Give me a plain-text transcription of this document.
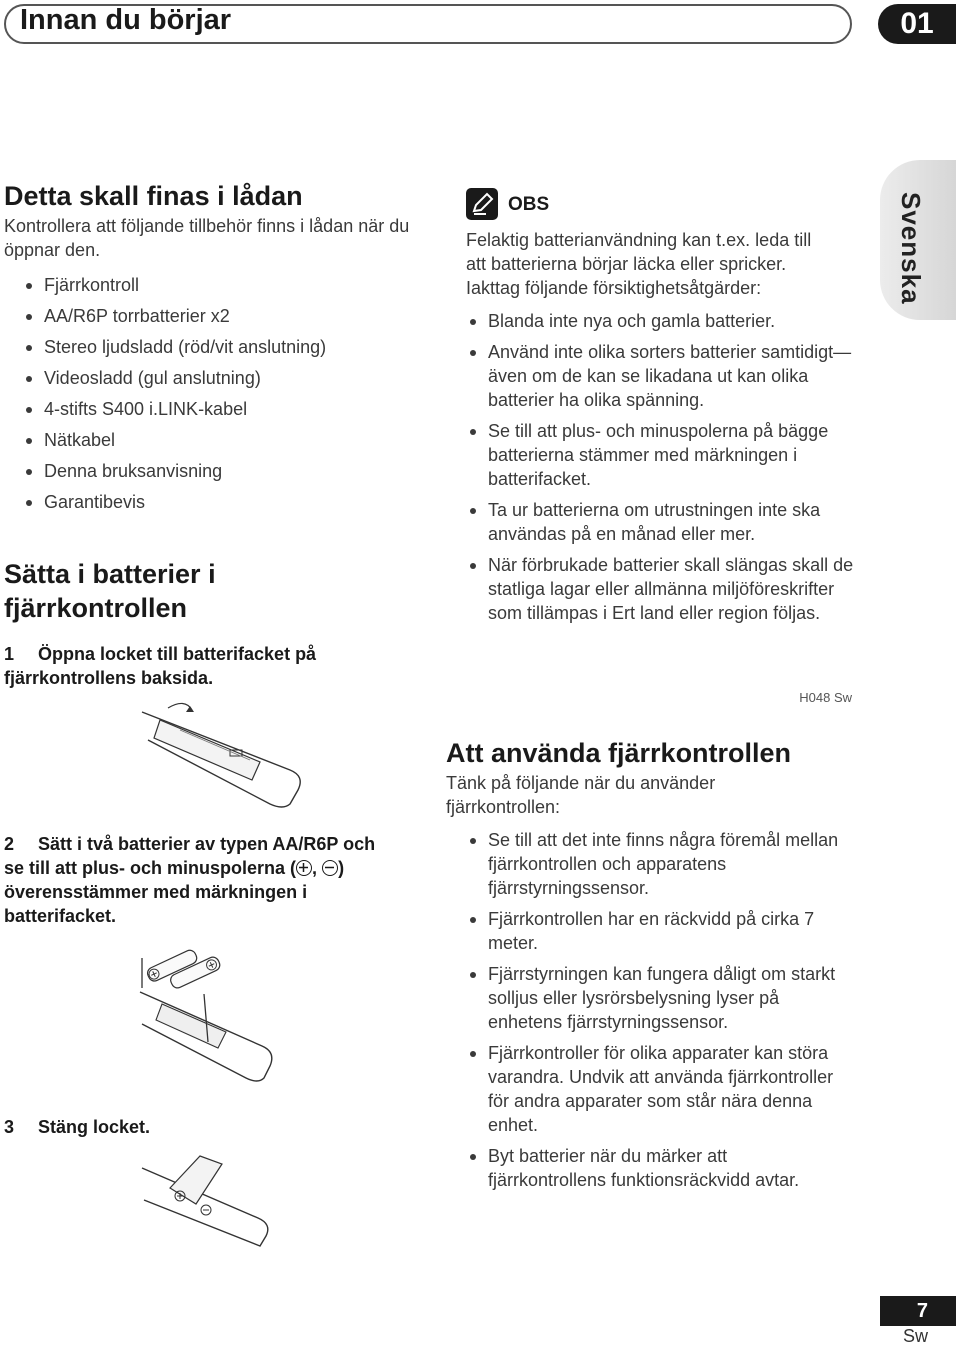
Innan du börjar	01
Svenska
Detta skall finas i lådan

Kontrollera att följande tillbehör finns i lådan när du öppnar den.

Fjärrkontroll
AA/R6P torrbatterier x2
Stereo ljudsladd (röd/vit anslutning)
Videosladd (gul anslutning)
4-stifts S400 i.LINK-kabel
Nätkabel
Denna bruksanvisning
Garantibevis
Sätta i batterier i fjärrkontrollen

1 Öppna locket till batterifacket på fjärrkontrollens baksida.

2 Sätt i två batterier av typen AA/R6P och se till att plus- och minuspolerna ( ,
) överensstämmer med märkningen i batterifacket.

3 Stäng locket.

OBS

Felaktig batterianvändning kan t.ex. leda till att batterierna börjar läcka eller spricker. Iakttag följande försiktighetsåtgärder:

Blanda inte nya och gamla batterier.
Använd inte olika sorters batterier samtidigt—även om de kan se likadana ut kan olika batterier ha olika spänning.
Se till att plus- och minuspolerna på bägge batterierna stämmer med märkningen i batterifacket.
Ta ur batterierna om utrustningen inte ska användas på en månad eller mer.
När förbrukade batterier skall slängas skall de statliga lagar eller allmänna miljöföreskrifter som tillämpas i Ert land eller region följas.
H048 Sw
Att använda fjärrkontrollen

Tänk på följande när du använder fjärrkontrollen:

Se till att det inte finns några föremål mellan fjärrkontrollen och apparatens fjärrstyrningssensor.
Fjärrkontrollen har en räckvidd på cirka 7 meter.
Fjärrstyrningen kan fungera dåligt om starkt solljus eller lysrörsbelysning lyser på enhetens fjärrstyrningssensor.
Fjärrkontroller för olika apparater kan störa varandra. Undvik att använda fjärrkontroller för andra apparater som står nära denna enhet.
Byt batterier när du märker att fjärrkontrollens funktionsräckvidd avtar.
7
Sw
